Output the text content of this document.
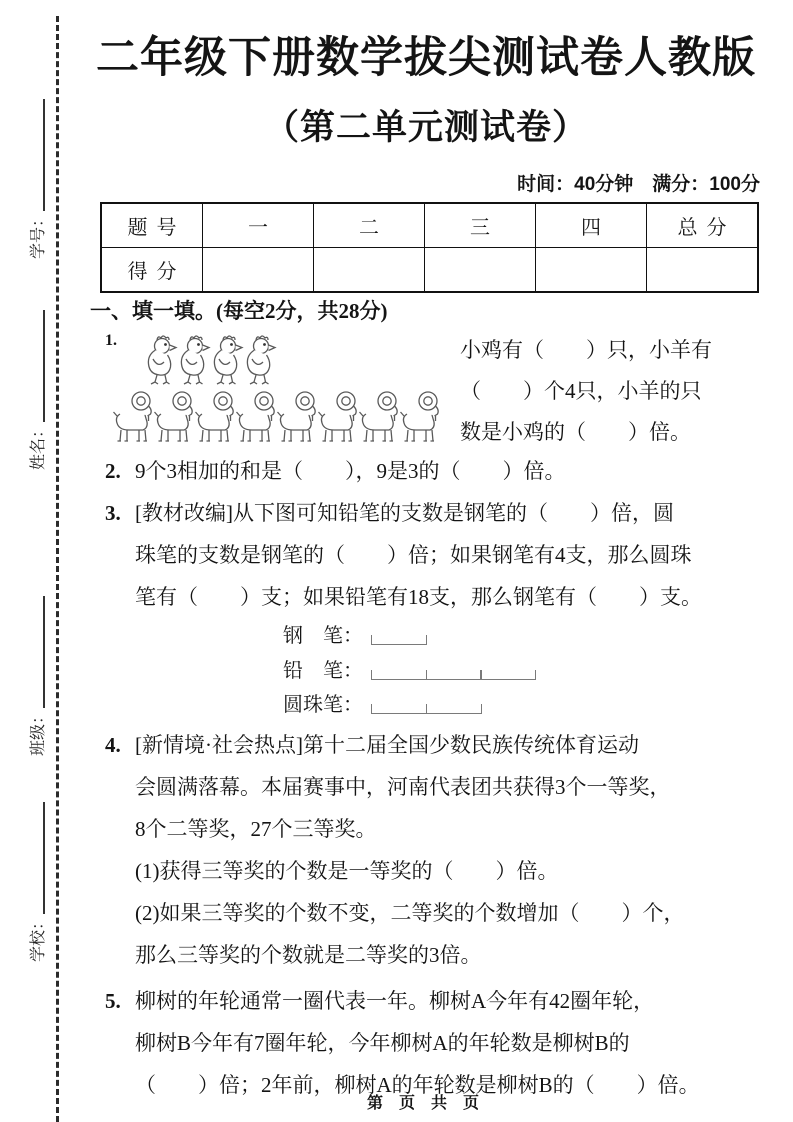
学号：
姓名：
班级：
学校：
二年级下册数学拔尖测试卷人教版
（第二单元测试卷）
时间：40分钟　满分：100分
题号	一	二	三	四	总分
得分					
一、填一填。(每空2分，共28分)
1.	小鸡有（　　）只，小羊有
（　　）个4只，小羊的只
数是小鸡的（　　）倍。
2. 9个3相加的和是（　　），9是3的（　　）倍。
3. [教材改编]从下图可知铅笔的支数是钢笔的（　　）倍，圆
珠笔的支数是钢笔的（　　）倍；如果钢笔有4支，那么圆珠
笔有（　　）支；如果铅笔有18支，那么钢笔有（　　）支。
钢　笔：
铅　笔：
圆珠笔：
4. [新情境·社会热点]第十二届全国少数民族传统体育运动
会圆满落幕。本届赛事中，河南代表团共获得3个一等奖，
8个二等奖，27个三等奖。
(1)获得三等奖的个数是一等奖的（　　）倍。
(2)如果三等奖的个数不变，二等奖的个数增加（　　）个，
那么三等奖的个数就是二等奖的3倍。
5. 柳树的年轮通常一圈代表一年。柳树A今年有42圈年轮，
柳树B今年有7圈年轮，今年柳树A的年轮数是柳树B的
（　　）倍；2年前，柳树A的年轮数是柳树B的（　　）倍。
第 页 共 页
